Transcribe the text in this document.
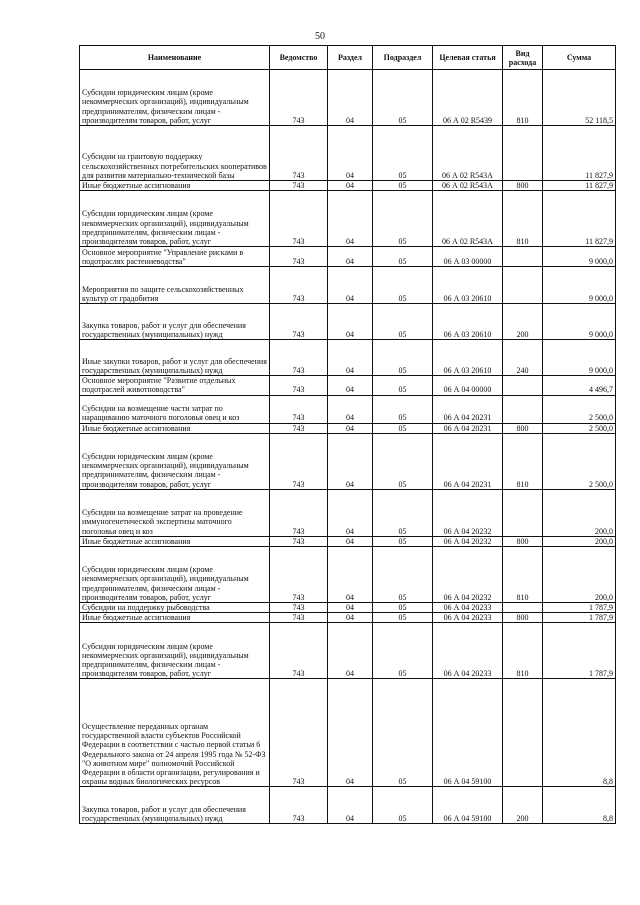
50
Наименование	Ведомство	Раздел	Подраздел	Целевая статья	Вид расхода	Сумма
Субсидии юридическим лицам (кроме некоммерческих организаций), индивидуальным предпринимателям, физическим лицам - производителям товаров, работ, услуг	743	04	05	06 А 02 R5439	810	52 118,5
Субсидии на грантовую поддержку сельскохозяйственных потребительских кооперативов для развития материально-технической базы	743	04	05	06 А 02 R543А		11 827,9
Иные бюджетные ассигнования	743	04	05	06 А 02 R543А	800	11 827,9
Субсидии юридическим лицам (кроме некоммерческих организаций), индивидуальным предпринимателям, физическим лицам - производителям товаров, работ, услуг	743	04	05	06 А 02 R543А	810	11 827,9
Основное мероприятие "Управление рисками в подотраслях растениеводства"	743	04	05	06 А 03 00000		9 000,0
Мероприятия по защите сельскохозяйственных культур от градобития	743	04	05	06 А 03 20610		9 000,0
Закупка товаров, работ и услуг для обеспечения государственных (муниципальных) нужд	743	04	05	06 А 03 20610	200	9 000,0
Иные закупки товаров, работ и услуг для обеспечения государственных (муниципальных) нужд	743	04	05	06 А 03 20610	240	9 000,0
Основное мероприятие "Развитие отдельных подотраслей животноводства"	743	04	05	06 А 04 00000		4 496,7
Субсидии на возмещение части затрат по наращиванию маточного поголовья овец и коз	743	04	05	06 А 04 20231		2 500,0
Иные бюджетные ассигнования	743	04	05	06 А 04 20231	800	2 500,0
Субсидии юридическим лицам (кроме некоммерческих организаций), индивидуальным предпринимателям, физическим лицам - производителям товаров, работ, услуг	743	04	05	06 А 04 20231	810	2 500,0
Субсидии на возмещение затрат на проведение иммуногенетической экспертизы маточного поголовья овец и коз	743	04	05	06 А 04 20232		200,0
Иные бюджетные ассигнования	743	04	05	06 А 04 20232	800	200,0
Субсидии юридическим лицам (кроме некоммерческих организаций), индивидуальным предпринимателям, физическим лицам - производителям товаров, работ, услуг	743	04	05	06 А 04 20232	810	200,0
Субсидии на поддержку рыбоводства	743	04	05	06 А 04 20233		1 787,9
Иные бюджетные ассигнования	743	04	05	06 А 04 20233	800	1 787,9
Субсидии юридическим лицам (кроме некоммерческих организаций), индивидуальным предпринимателям, физическим лицам - производителям товаров, работ, услуг	743	04	05	06 А 04 20233	810	1 787,9
Осуществление переданных органам государственной власти субъектов Российской Федерации в соответствии с частью первой статьи 6 Федерального закона от 24 апреля 1995 года № 52-ФЗ "О животном мире" полномочий Российской Федерации в области организации, регулирования и охраны водных биологических ресурсов	743	04	05	06 А 04 59100		8,8
Закупка товаров, работ и услуг для обеспечения государственных (муниципальных) нужд	743	04	05	06 А 04 59100	200	8,8
